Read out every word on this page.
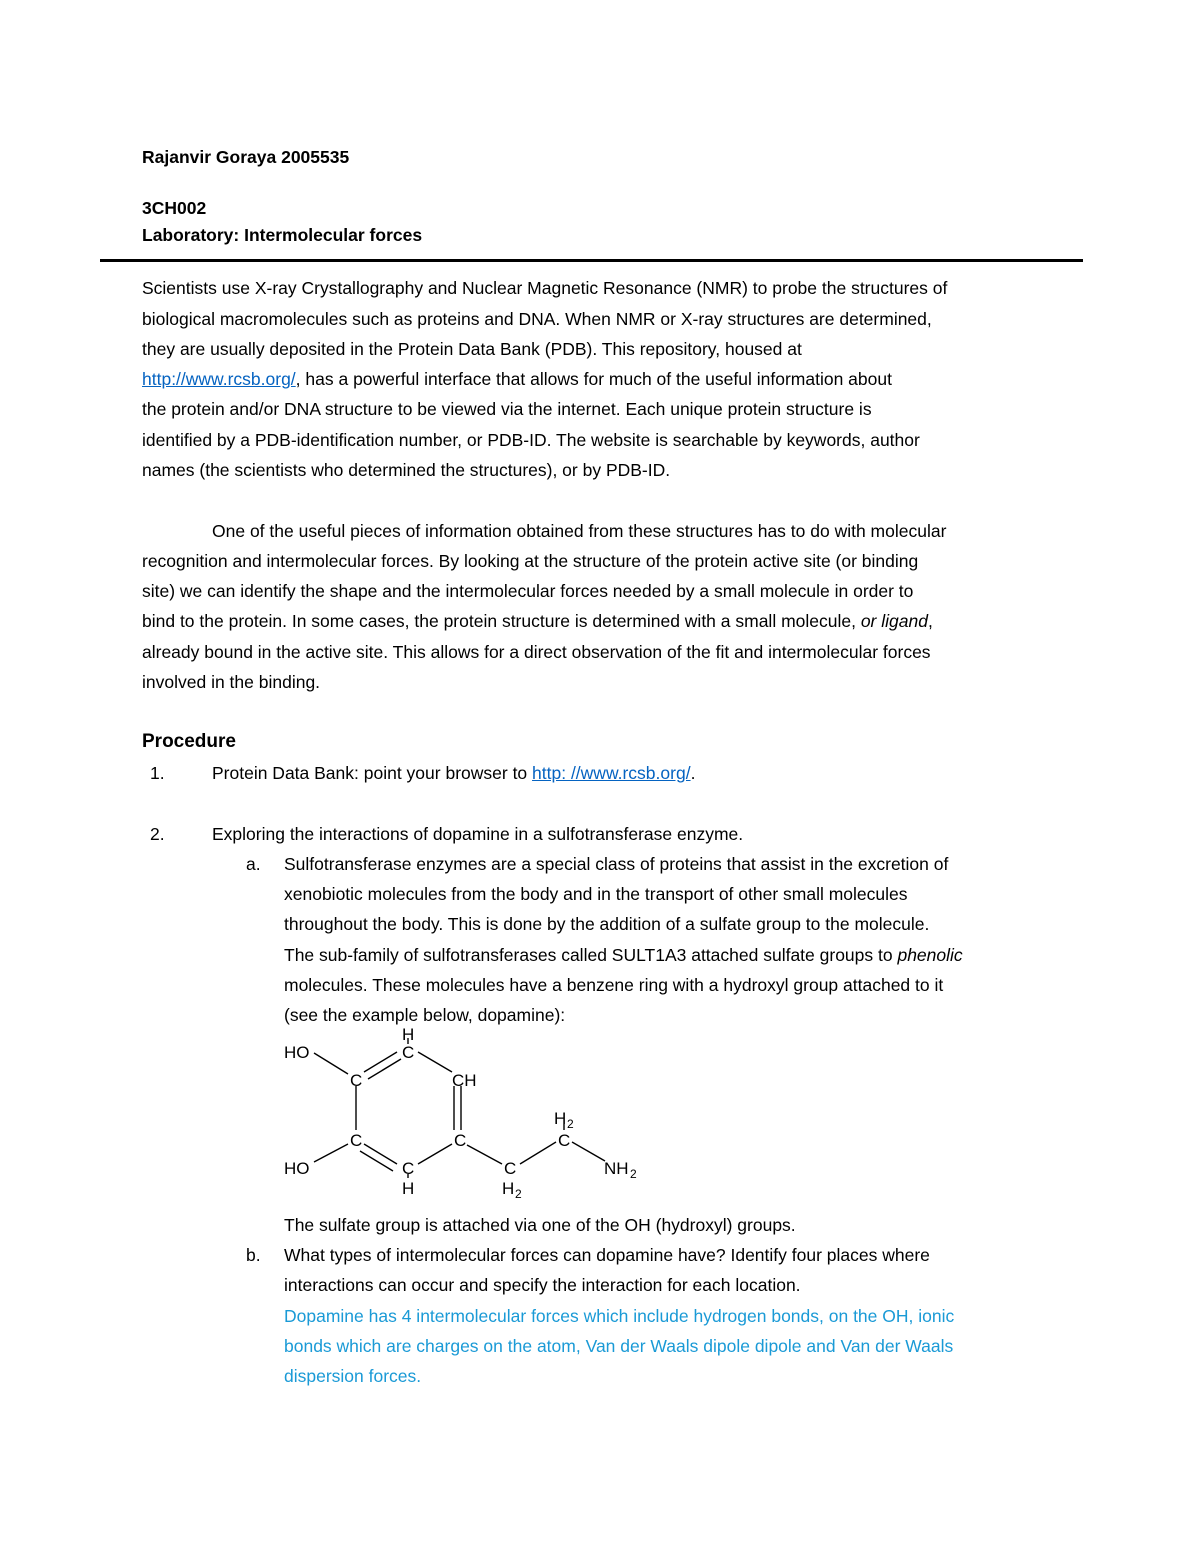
Rajanvir Goraya 2005535
3CH002
Laboratory: Intermolecular forces
Scientists use X-ray Crystallography and Nuclear Magnetic Resonance (NMR) to probe the structures of
biological macromolecules such as proteins and DNA. When NMR or X-ray structures are determined,
they are usually deposited in the Protein Data Bank (PDB). This repository, housed at
http://www.rcsb.org/, has a powerful interface that allows for much of the useful information about
the protein and/or DNA structure to be viewed via the internet. Each unique protein structure is
identified by a PDB-identification number, or PDB-ID. The website is searchable by keywords, author
names (the scientists who determined the structures), or by PDB-ID.
One of the useful pieces of information obtained from these structures has to do with molecular
recognition and intermolecular forces. By looking at the structure of the protein active site (or binding
site) we can identify the shape and the intermolecular forces needed by a small molecule in order to
bind to the protein. In some cases, the protein structure is determined with a small molecule, or ligand,
already bound in the active site. This allows for a direct observation of the fit and intermolecular forces
involved in the binding.
Procedure
1.	Protein Data Bank: point your browser to http: //www.rcsb.org/.
2.	Exploring the interactions of dopamine in a sulfotransferase enzyme.
a. Sulfotransferase enzymes are a special class of proteins that assist in the excretion of
xenobiotic molecules from the body and in the transport of other small molecules
throughout the body. This is done by the addition of a sulfate group to the molecule.
The sub-family of sulfotransferases called SULT1A3 attached sulfate groups to phenolic
molecules. These molecules have a benzene ring with a hydroxyl group attached to it
(see the example below, dopamine):
HO
HO
H
C
C	CH
C	C
C
H
C
H 2
C
H 2
NH 2
The sulfate group is attached via one of the OH (hydroxyl) groups.
b. What types of intermolecular forces can dopamine have? Identify four places where
interactions can occur and specify the interaction for each location.
Dopamine has 4 intermolecular forces which include hydrogen bonds, on the OH, ionic
bonds which are charges on the atom, Van der Waals dipole dipole and Van der Waals
dispersion forces.
